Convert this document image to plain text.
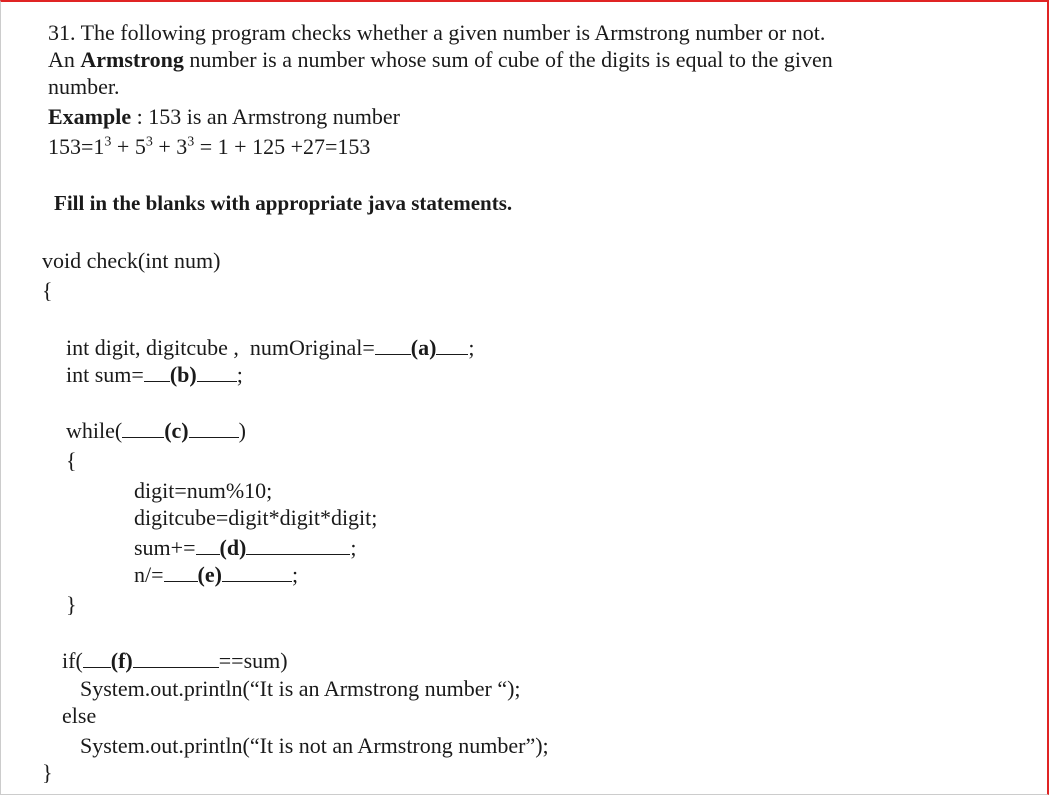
31. The following program checks whether a given number is Armstrong number or not.
An Armstrong number is a number whose sum of cube of the digits is equal to the given
number.
Example : 153 is an Armstrong number
$153=1^3 + 5^3 + 3^3 = 1 + 125 +27=153$
Fill in the blanks with appropriate java statements.
void check(int num)
{
int digit, digitcube ,  numOriginal= (a) ;
int sum= (b) ;
while( (c) )
{
digit=num%10;
digitcube=digit*digit*digit;
sum+= (d)	;
n/= (e)	;
}
if( (f)	==sum)
System.out.println(“It is an Armstrong number “);
else
System.out.println(“It is not an Armstrong number”);
}
